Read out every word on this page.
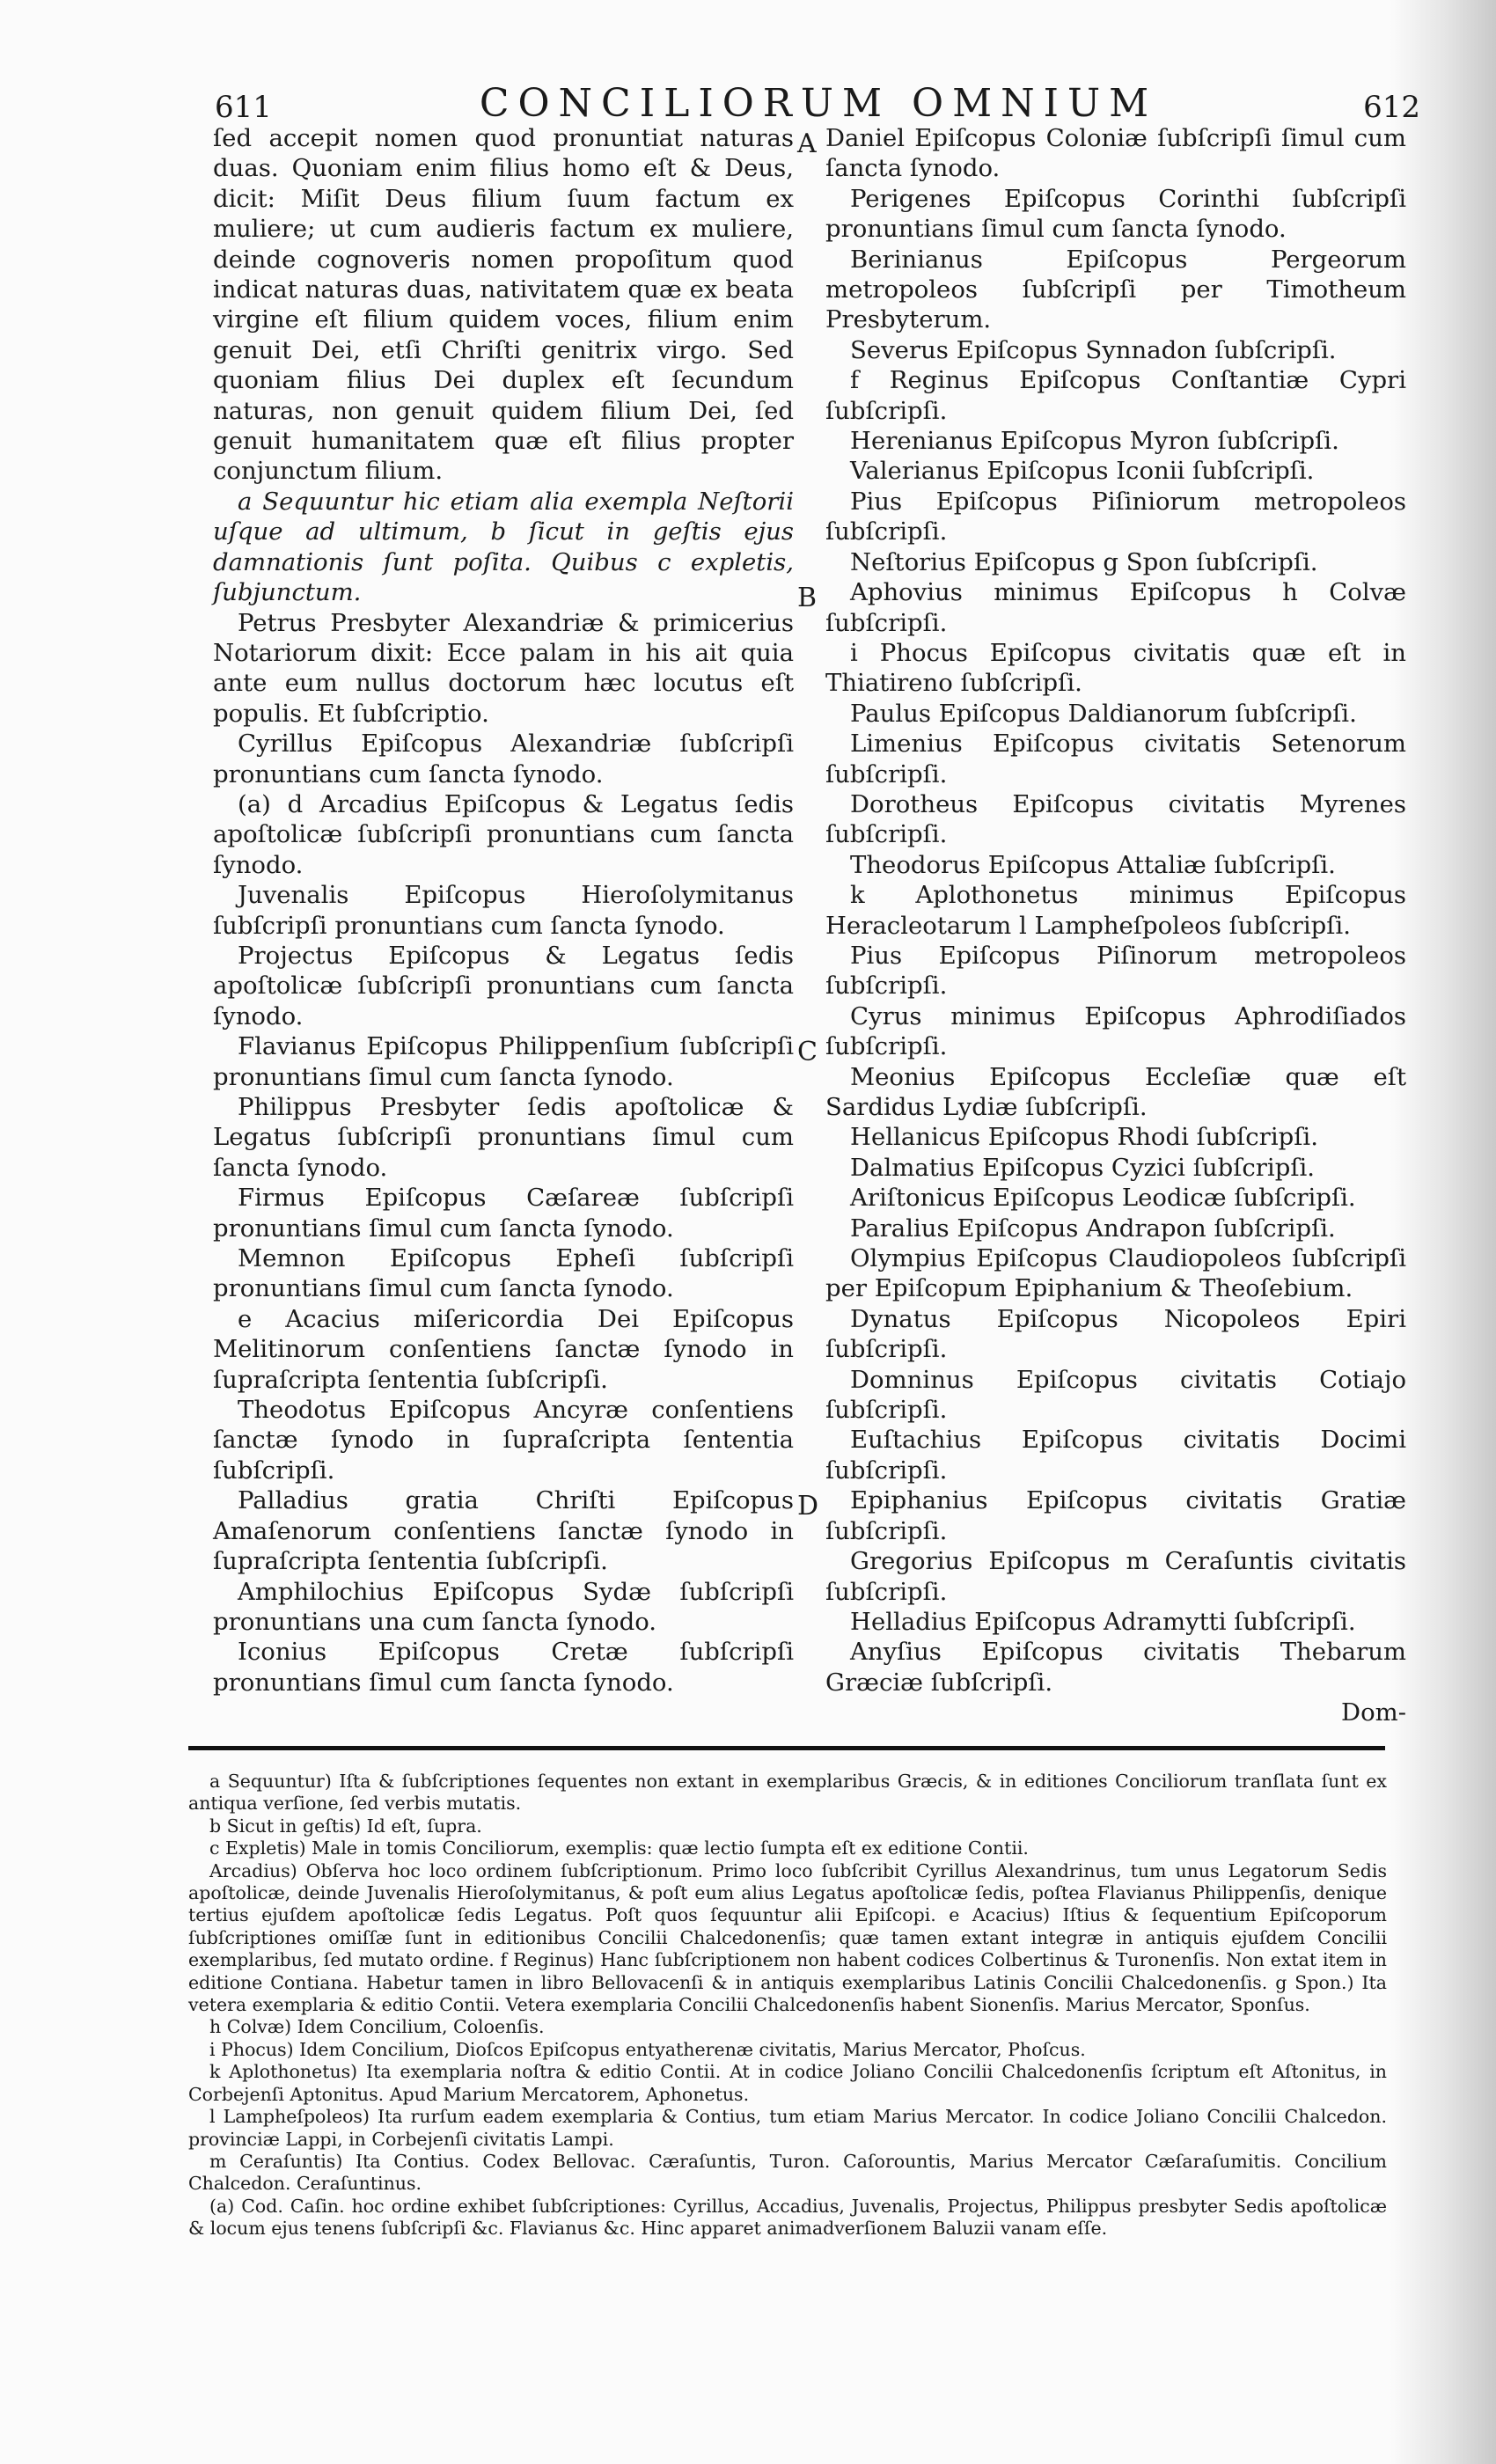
611	CONCILIORUM OMNIUM	612
A
B
C
D

ſed accepit nomen quod pronuntiat naturas duas. Quoniam enim filius homo eſt & Deus, dicit: Miſit Deus filium ſuum factum ex muliere; ut cum audieris factum ex muliere, deinde cognoveris nomen propoſitum quod indicat naturas duas, nativitatem quæ ex beata virgine eſt filium quidem voces, filium enim genuit Dei, etſi Chriſti genitrix virgo. Sed quoniam filius Dei duplex eſt ſecundum naturas, non genuit quidem filium Dei, ſed genuit humanitatem quæ eſt filius propter conjunctum filium.

a Sequuntur hic etiam alia exempla Neſtorii uſque ad ultimum, b ſicut in geſtis ejus damnationis ſunt poſita. Quibus c expletis, ſubjunctum.

Petrus Presbyter Alexandriæ & primicerius Notariorum dixit: Ecce palam in his ait quia ante eum nullus doctorum hæc locutus eſt populis. Et ſubſcriptio.

Cyrillus Epiſcopus Alexandriæ ſubſcripſi pronuntians cum ſancta ſynodo.

(a) d Arcadius Epiſcopus & Legatus ſedis apoſtolicæ ſubſcripſi pronuntians cum ſancta ſynodo.

Juvenalis Epiſcopus Hieroſolymitanus ſubſcripſi pronuntians cum ſancta ſynodo.

Projectus Epiſcopus & Legatus ſedis apoſtolicæ ſubſcripſi pronuntians cum ſancta ſynodo.

Flavianus Epiſcopus Philippenſium ſubſcripſi pronuntians ſimul cum ſancta ſynodo.

Philippus Presbyter ſedis apoſtolicæ & Legatus ſubſcripſi pronuntians ſimul cum ſancta ſynodo.

Firmus Epiſcopus Cæſareæ ſubſcripſi pronuntians ſimul cum ſancta ſynodo.

Memnon Epiſcopus Epheſi ſubſcripſi pronuntians ſimul cum ſancta ſynodo.

e Acacius miſericordia Dei Epiſcopus Melitinorum conſentiens ſanctæ ſynodo in ſupraſcripta ſententia ſubſcripſi.

Theodotus Epiſcopus Ancyræ conſentiens ſanctæ ſynodo in ſupraſcripta ſententia ſubſcripſi.

Palladius gratia Chriſti Epiſcopus Amaſenorum conſentiens ſanctæ ſynodo in ſupraſcripta ſententia ſubſcripſi.

Amphilochius Epiſcopus Sydæ ſubſcripſi pronuntians una cum ſancta ſynodo.

Iconius Epiſcopus Cretæ ſubſcripſi pronuntians ſimul cum ſancta ſynodo.

Daniel Epiſcopus Coloniæ ſubſcripſi ſimul cum ſancta ſynodo.

Perigenes Epiſcopus Corinthi ſubſcripſi pronuntians ſimul cum ſancta ſynodo.

Berinianus Epiſcopus Pergeorum metropoleos ſubſcripſi per Timotheum Presbyterum.

Severus Epiſcopus Synnadon ſubſcripſi.

f Reginus Epiſcopus Conſtantiæ Cypri ſubſcripſi.

Herenianus Epiſcopus Myron ſubſcripſi.

Valerianus Epiſcopus Iconii ſubſcripſi.

Pius Epiſcopus Piſiniorum metropoleos ſubſcripſi.

Neſtorius Epiſcopus g Spon ſubſcripſi.

Aphovius minimus Epiſcopus h Colvæ ſubſcripſi.

i Phocus Epiſcopus civitatis quæ eſt in Thiatireno ſubſcripſi.

Paulus Epiſcopus Daldianorum ſubſcripſi.

Limenius Epiſcopus civitatis Setenorum ſubſcripſi.

Dorotheus Epiſcopus civitatis Myrenes ſubſcripſi.

Theodorus Epiſcopus Attaliæ ſubſcripſi.

k Aplothonetus minimus Epiſcopus Heracleotarum l Lampheſpoleos ſubſcripſi.

Pius Epiſcopus Piſinorum metropoleos ſubſcripſi.

Cyrus minimus Epiſcopus Aphrodiſiados ſubſcripſi.

Meonius Epiſcopus Eccleſiæ quæ eſt Sardidus Lydiæ ſubſcripſi.

Hellanicus Epiſcopus Rhodi ſubſcripſi.

Dalmatius Epiſcopus Cyzici ſubſcripſi.

Ariſtonicus Epiſcopus Leodicæ ſubſcripſi.

Paralius Epiſcopus Andrapon ſubſcripſi.

Olympius Epiſcopus Claudiopoleos ſubſcripſi per Epiſcopum Epiphanium & Theoſebium.

Dynatus Epiſcopus Nicopoleos Epiri ſubſcripſi.

Domninus Epiſcopus civitatis Cotiajo ſubſcripſi.

Euſtachius Epiſcopus civitatis Docimi ſubſcripſi.

Epiphanius Epiſcopus civitatis Gratiæ ſubſcripſi.

Gregorius Epiſcopus m Ceraſuntis civitatis ſubſcripſi.

Helladius Epiſcopus Adramytti ſubſcripſi.

Anyſius Epiſcopus civitatis Thebarum Græciæ ſubſcripſi.

Dom-

a Sequuntur) Iſta & ſubſcriptiones ſequentes non extant in exemplaribus Græcis, & in editiones Conciliorum tranſlata ſunt ex antiqua verſione, ſed verbis mutatis.

b Sicut in geſtis) Id eſt, ſupra.

c Expletis) Male in tomis Conciliorum, exemplis: quæ lectio ſumpta eſt ex editione Contii.

Arcadius) Obſerva hoc loco ordinem ſubſcriptionum. Primo loco ſubſcribit Cyrillus Alexandrinus, tum unus Legatorum Sedis apoſtolicæ, deinde Juvenalis Hieroſolymitanus, & poſt eum alius Legatus apoſtolicæ ſedis, poſtea Flavianus Philippenſis, denique tertius ejuſdem apoſtolicæ ſedis Legatus. Poſt quos ſequuntur alii Epiſcopi. e Acacius) Iſtius & ſequentium Epiſcoporum ſubſcriptiones omiſſæ ſunt in editionibus Concilii Chalcedonenſis; quæ tamen extant integræ in antiquis ejuſdem Concilii exemplaribus, ſed mutato ordine. f Reginus) Hanc ſubſcriptionem non habent codices Colbertinus & Turonenſis. Non extat item in editione Contiana. Habetur tamen in libro Bellovacenſi & in antiquis exemplaribus Latinis Concilii Chalcedonenſis. g Spon.) Ita vetera exemplaria & editio Contii. Vetera exemplaria Concilii Chalcedonenſis habent Sionenſis. Marius Mercator, Sponſus.

h Colvæ) Idem Concilium, Coloenſis.

i Phocus) Idem Concilium, Dioſcos Epiſcopus entyatherenæ civitatis, Marius Mercator, Phoſcus.

k Aplothonetus) Ita exemplaria noſtra & editio Contii. At in codice Joliano Concilii Chalcedonenſis ſcriptum eſt Aſtonitus, in Corbejenſi Aptonitus. Apud Marium Mercatorem, Aphonetus.

l Lampheſpoleos) Ita rurſum eadem exemplaria & Contius, tum etiam Marius Mercator. In codice Joliano Concilii Chalcedon. provinciæ Lappi, in Corbejenſi civitatis Lampi.

m Ceraſuntis) Ita Contius. Codex Bellovac. Cæraſuntis, Turon. Caſorountis, Marius Mercator Cæſaraſumitis. Concilium Chalcedon. Ceraſuntinus.

(a) Cod. Caſin. hoc ordine exhibet ſubſcriptiones: Cyrillus, Accadius, Juvenalis, Projectus, Philippus presbyter Sedis apoſtolicæ & locum ejus tenens ſubſcripſi &c. Flavianus &c. Hinc apparet animadverſionem Baluzii vanam eſſe.
